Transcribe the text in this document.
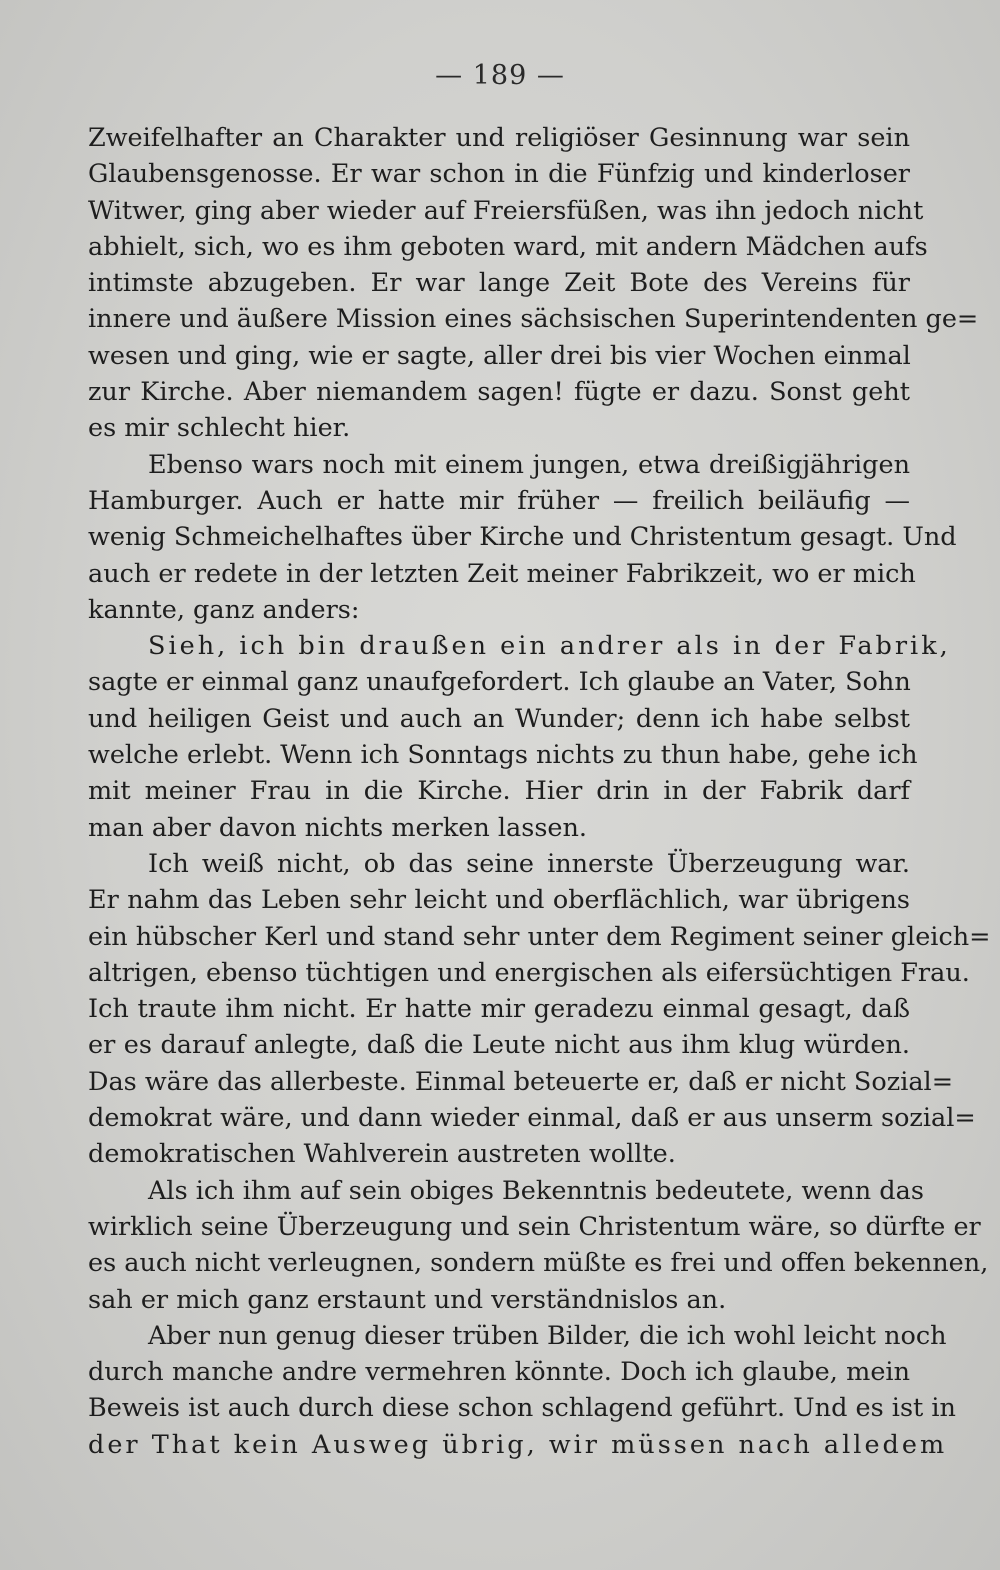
— 189 —
Zweifelhafter an Charakter und religiöser Gesinnung war sein
Glaubensgenosse. Er war schon in die Fünfzig und kinderloser
Witwer, ging aber wieder auf Freiersfüßen, was ihn jedoch nicht
abhielt, sich, wo es ihm geboten ward, mit andern Mädchen aufs
intimste abzugeben. Er war lange Zeit Bote des Vereins für
innere und äußere Mission eines sächsischen Superintendenten ge=
wesen und ging, wie er sagte, aller drei bis vier Wochen einmal
zur Kirche. Aber niemandem sagen! fügte er dazu. Sonst geht
es mir schlecht hier.
Ebenso wars noch mit einem jungen, etwa dreißigjährigen
Hamburger. Auch er hatte mir früher — freilich beiläufig —
wenig Schmeichelhaftes über Kirche und Christentum gesagt. Und
auch er redete in der letzten Zeit meiner Fabrikzeit, wo er mich
kannte, ganz anders:
Sieh, ich bin draußen ein andrer als in der Fabrik,
sagte er einmal ganz unaufgefordert. Ich glaube an Vater, Sohn
und heiligen Geist und auch an Wunder; denn ich habe selbst
welche erlebt. Wenn ich Sonntags nichts zu thun habe, gehe ich
mit meiner Frau in die Kirche. Hier drin in der Fabrik darf
man aber davon nichts merken lassen.
Ich weiß nicht, ob das seine innerste Überzeugung war.
Er nahm das Leben sehr leicht und oberflächlich, war übrigens
ein hübscher Kerl und stand sehr unter dem Regiment seiner gleich=
altrigen, ebenso tüchtigen und energischen als eifersüchtigen Frau.
Ich traute ihm nicht. Er hatte mir geradezu einmal gesagt, daß
er es darauf anlegte, daß die Leute nicht aus ihm klug würden.
Das wäre das allerbeste. Einmal beteuerte er, daß er nicht Sozial=
demokrat wäre, und dann wieder einmal, daß er aus unserm sozial=
demokratischen Wahlverein austreten wollte.
Als ich ihm auf sein obiges Bekenntnis bedeutete, wenn das
wirklich seine Überzeugung und sein Christentum wäre, so dürfte er
es auch nicht verleugnen, sondern müßte es frei und offen bekennen,
sah er mich ganz erstaunt und verständnislos an.
Aber nun genug dieser trüben Bilder, die ich wohl leicht noch
durch manche andre vermehren könnte. Doch ich glaube, mein
Beweis ist auch durch diese schon schlagend geführt. Und es ist in
der That kein Ausweg übrig, wir müssen nach alledem
